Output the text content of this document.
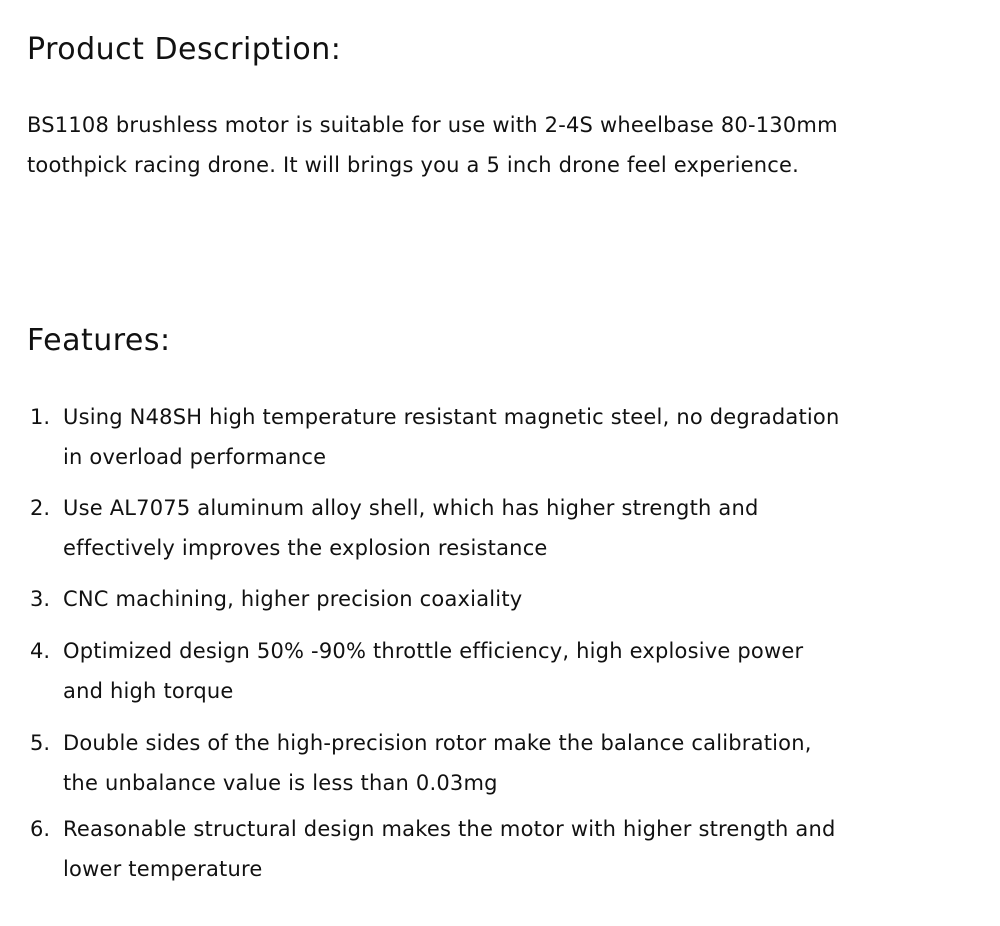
Product Description:

BS1108 brushless motor is suitable for use with 2-4S wheelbase 80-130mm

toothpick racing drone. It will brings you a 5 inch drone feel experience.

Features:
1. Using N48SH high temperature resistant magnetic steel, no degradation
in overload performance
2. Use AL7075 aluminum alloy shell, which has higher strength and
effectively improves the explosion resistance
3. CNC machining, higher precision coaxiality
4. Optimized design 50% -90% throttle efficiency, high explosive power
and high torque
5. Double sides of the high-precision rotor make the balance calibration,
the unbalance value is less than 0.03mg
6. Reasonable structural design makes the motor with higher strength and
lower temperature
